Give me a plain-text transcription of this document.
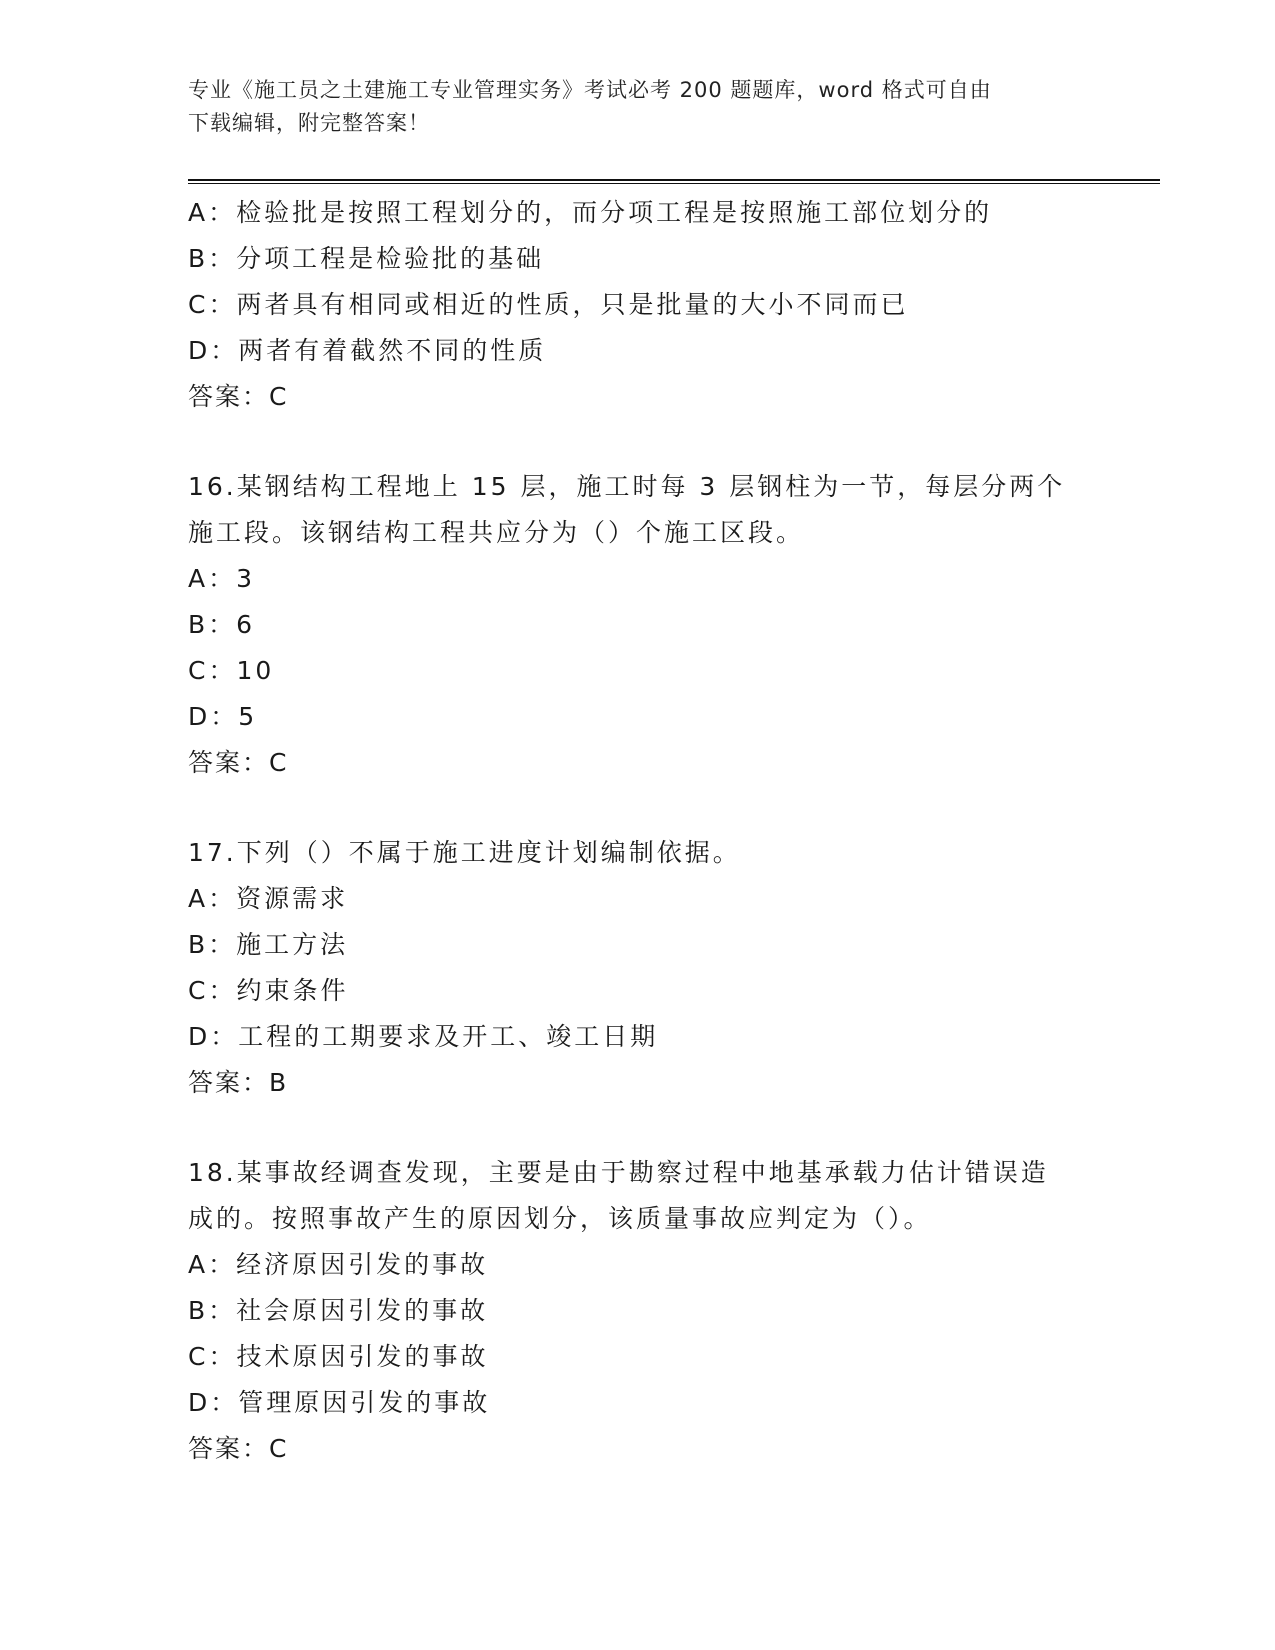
专业《施工员之土建施工专业管理实务》考试必考 200 题题库，word 格式可自由
下载编辑，附完整答案！
A：检验批是按照工程划分的，而分项工程是按照施工部位划分的
B：分项工程是检验批的基础
C：两者具有相同或相近的性质，只是批量的大小不同而已
D：两者有着截然不同的性质
答案：C
16.某钢结构工程地上 15 层，施工时每 3 层钢柱为一节，每层分两个
施工段。该钢结构工程共应分为（）个施工区段。
A：3
B：6
C：10
D：5
答案：C
17.下列（）不属于施工进度计划编制依据。
A：资源需求
B：施工方法
C：约束条件
D：工程的工期要求及开工、竣工日期
答案：B
18.某事故经调查发现，主要是由于勘察过程中地基承载力估计错误造
成的。按照事故产生的原因划分，该质量事故应判定为（）。
A：经济原因引发的事故
B：社会原因引发的事故
C：技术原因引发的事故
D：管理原因引发的事故
答案：C
